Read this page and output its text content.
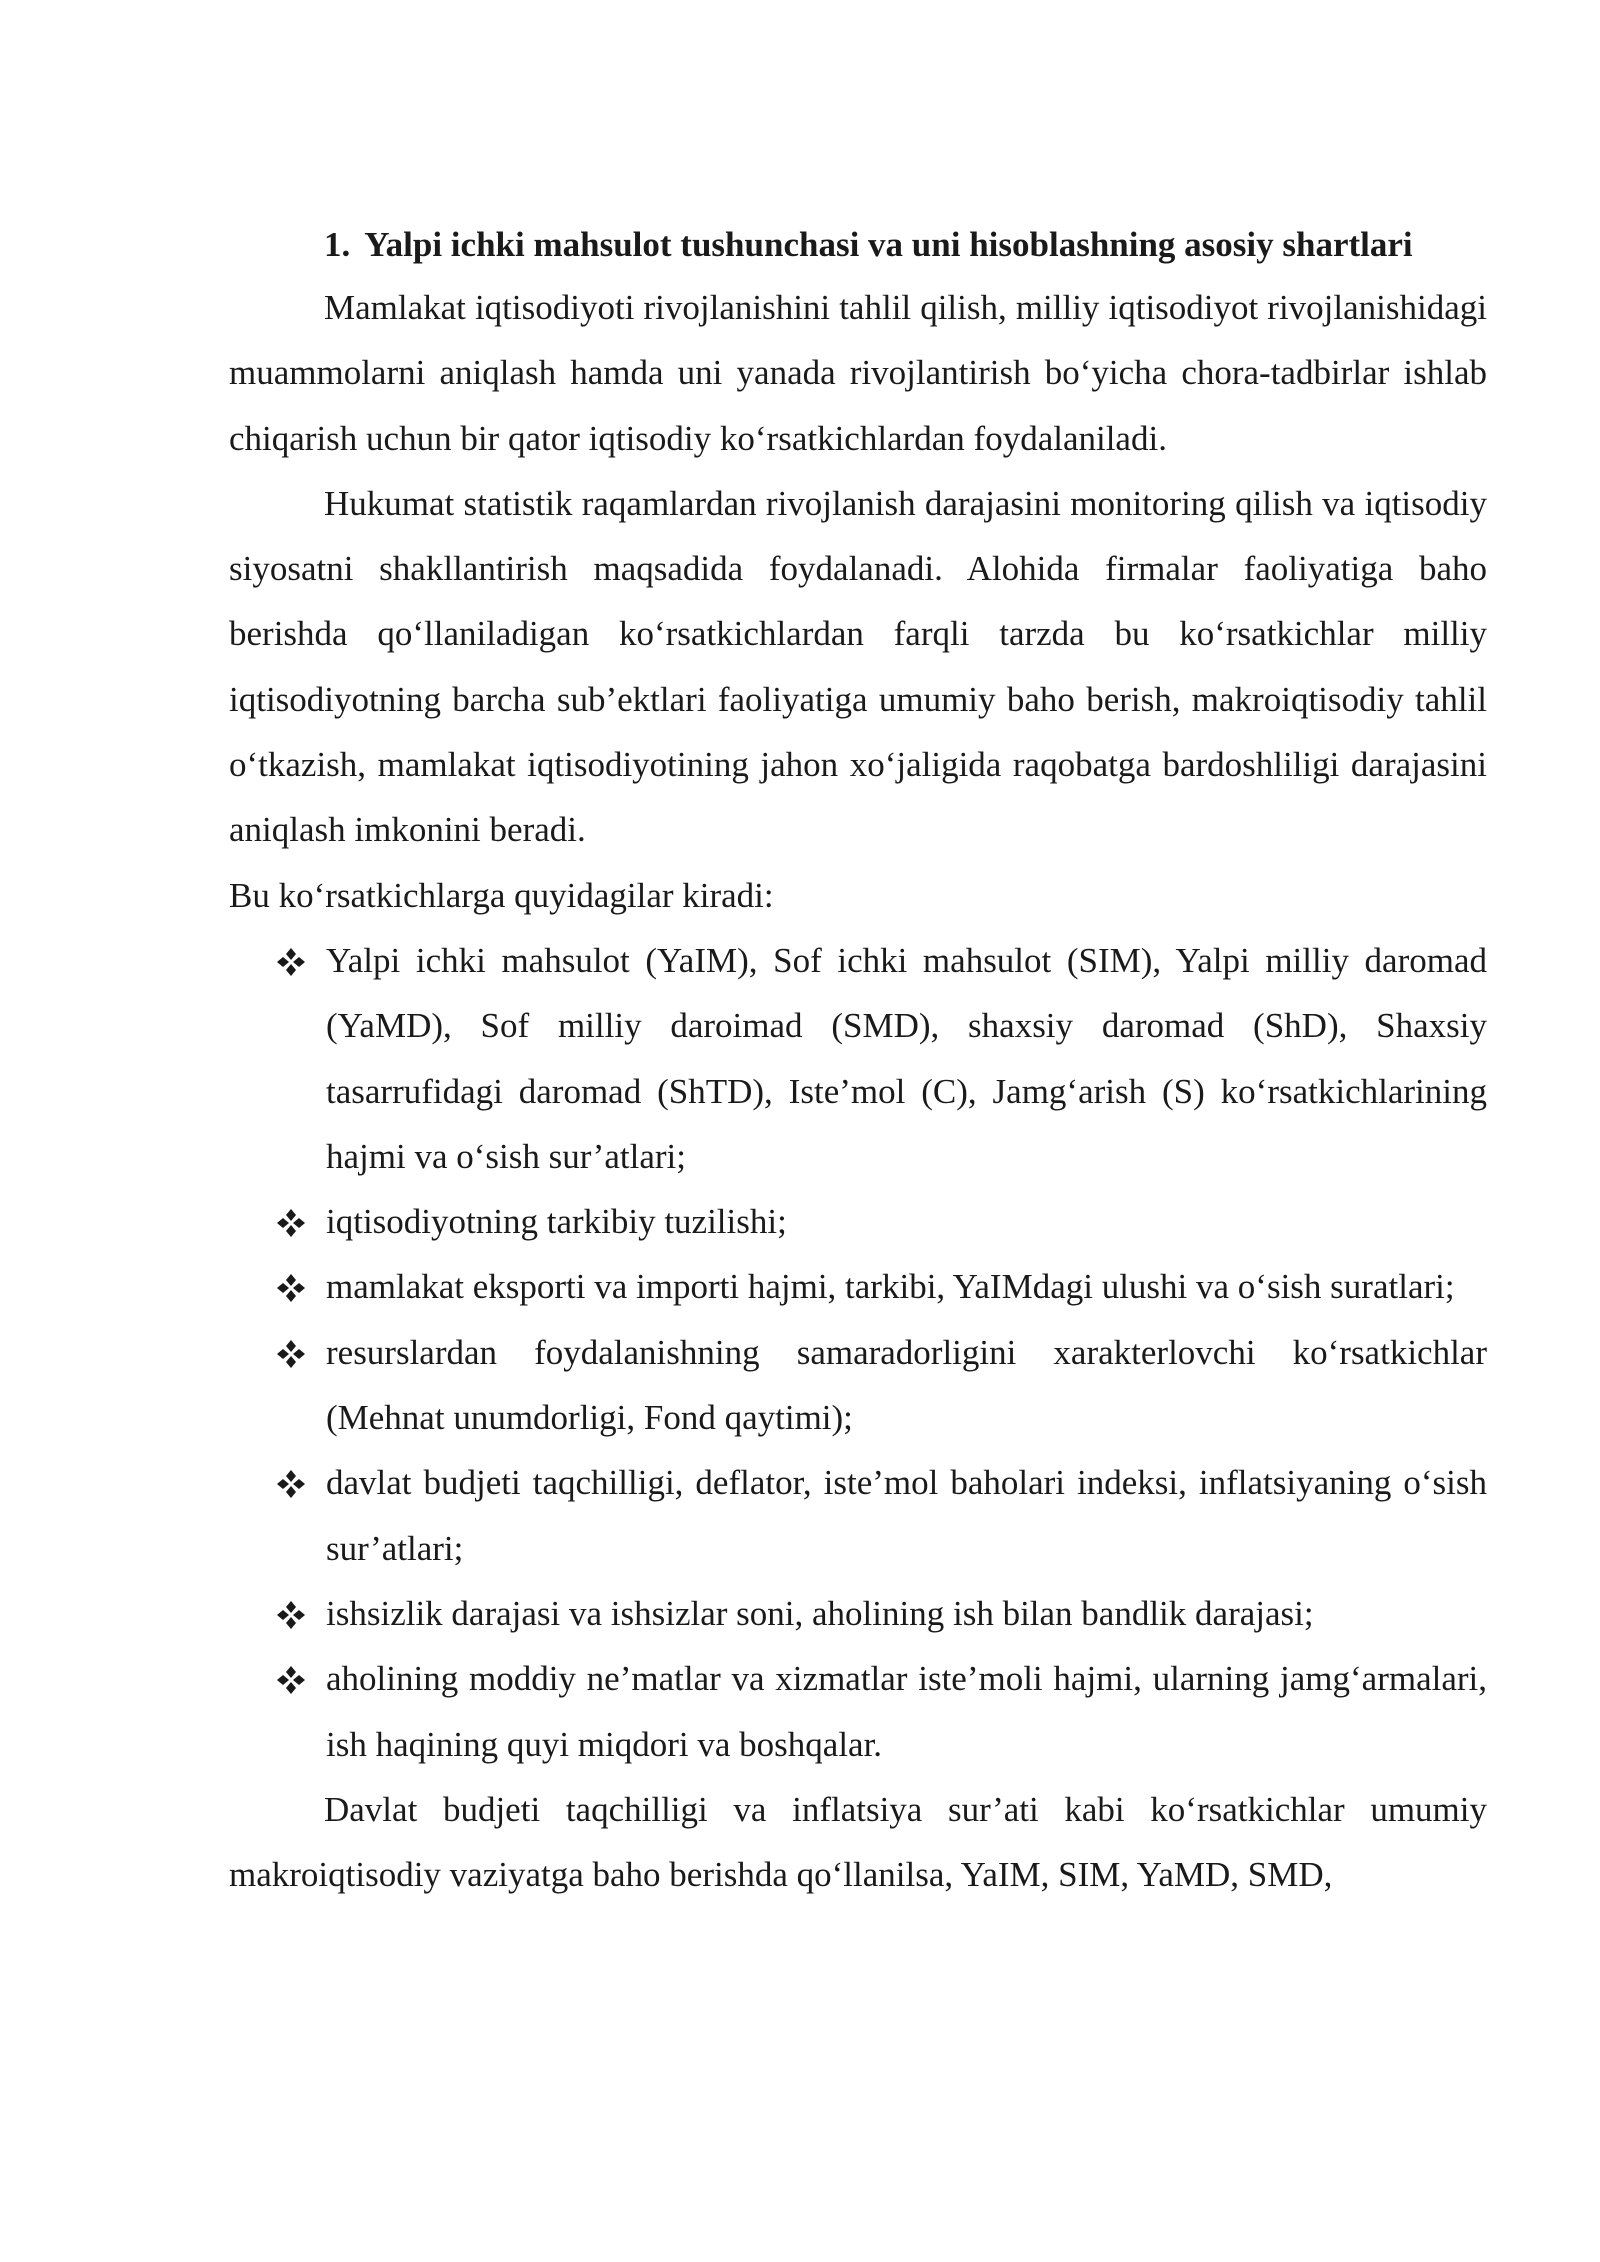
1. Yalpi ichki mahsulot tushunchasi va uni hisoblashning asosiy shartlari

Mamlakat iqtisodiyoti rivojlanishini tahlil qilish, milliy iqtisodiyot rivojlanishidagi muammolarni aniqlash hamda uni yanada rivojlantirish bo‘yicha chora-tadbirlar ishlab chiqarish uchun bir qator iqtisodiy ko‘rsatkichlardan foydalaniladi.

Hukumat statistik raqamlardan rivojlanish darajasini monitoring qilish va iqtisodiy siyosatni shakllantirish maqsadida foydalanadi. Alohida firmalar faoliyatiga baho berishda qo‘llaniladigan ko‘rsatkichlardan farqli tarzda bu ko‘rsatkichlar milliy iqtisodiyotning barcha sub’ektlari faoliyatiga umumiy baho berish, makroiqtisodiy tahlil o‘tkazish, mamlakat iqtisodiyotining jahon xo‘jaligida raqobatga bardoshliligi darajasini aniqlash imkonini beradi.

Bu ko‘rsatkichlarga quyidagilar kiradi:

Yalpi ichki mahsulot (YaIM), Sof ichki mahsulot (SIM), Yalpi milliy daromad (YaMD), Sof milliy daroimad (SMD), shaxsiy daromad (ShD), Shaxsiy tasarrufidagi daromad (ShTD), Iste’mol (C), Jamg‘arish (S) ko‘rsatkichlarining hajmi va o‘sish sur’atlari;
iqtisodiyotning tarkibiy tuzilishi;
mamlakat eksporti va importi hajmi, tarkibi, YaIMdagi ulushi va o‘sish suratlari;
resurslardan foydalanishning samaradorligini xarakterlovchi ko‘rsatkichlar (Mehnat unumdorligi, Fond qaytimi);
davlat budjeti taqchilligi, deflator, iste’mol baholari indeksi, inflatsiyaning o‘sish sur’atlari;
ishsizlik darajasi va ishsizlar soni, aholining ish bilan bandlik darajasi;
aholining moddiy ne’matlar va xizmatlar iste’moli hajmi, ularning jamg‘armalari, ish haqining quyi miqdori va boshqalar.

Davlat budjeti taqchilligi va inflatsiya sur’ati kabi ko‘rsatkichlar umumiy makroiqtisodiy vaziyatga baho berishda qo‘llanilsa, YaIM, SIM, YaMD, SMD,
